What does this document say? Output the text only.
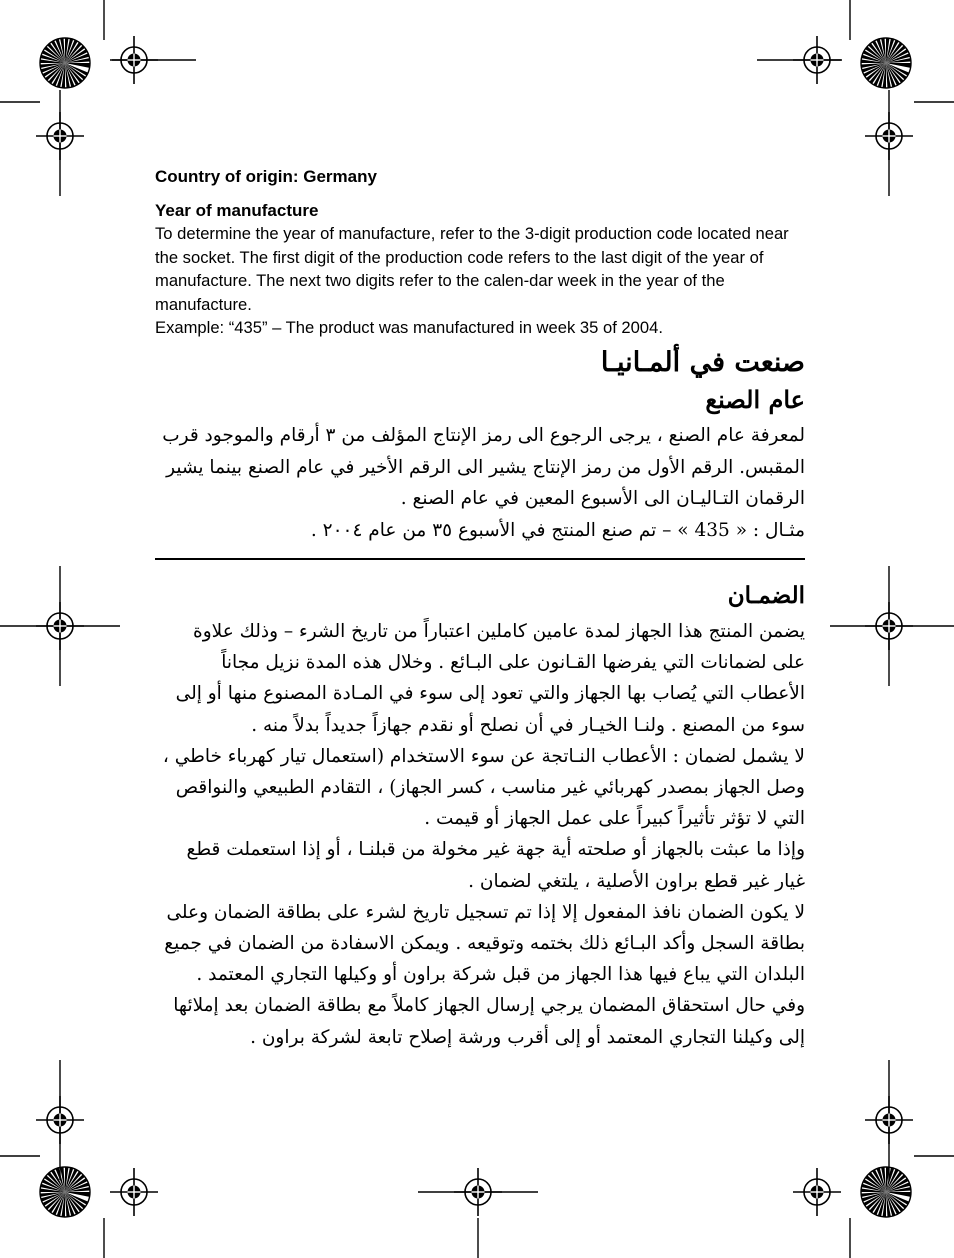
Country of origin: Germany

Year of manufacture

To determine the year of manufacture, refer to the 3-digit production code located near the socket. The first digit of the production code refers to the last digit of the year of manufacture. The next two digits refer to the calen-dar week in the year of the manufacture.

Example: “435” – The product was manufactured in week 35 of 2004.

صنعت في ألمـانيـا

عام الصنع

لمعرفة عام الصنع ، يرجى الرجوع الى رمز الإنتاج المؤلف من ٣ أرقام والموجود قرب المقبس. الرقم الأول من رمز الإنتاج يشير الى الرقم الأخير في عام الصنع بينما يشير الرقمان التـاليـان الى الأسبوع المعين في عام الصنع .

مثـال : « 435 » – تم صنع المنتج في الأسبوع ٣٥ من عام ٢٠٠٤ .

الضمـان

يضمن المنتج هذا الجهاز لمدة عامين كاملين اعتباراً من تاريخ الشرء – وذلك علاوة على لضمانات التي يفرضها القـانون على البـائع . وخلال هذه المدة نزيل مجاناً الأعطاب التي يُصاب بها الجهاز والتي تعود إلى سوء في المـادة المصنوع منها أو إلى سوء من المصنع . ولنـا الخيـار في أن نصلح أو نقدم جهازاً جديداً بدلاً منه .

لا يشمل لضمان : الأعطاب النـاتجة عن سوء الاستخدام (استعمال تيار كهرباء خاطي ، وصل الجهاز بمصدر كهربائي غير مناسب ، كسر الجهاز) ، التقادم الطبيعي والنواقص التي لا تؤثر تأثيراً كبيراً على عمل الجهاز أو قيمت .

وإذا ما عبثت بالجهاز أو صلحته أية جهة غير مخولة من قبلنـا ، أو إذا استعملت قطع غيار غير قطع براون الأصلية ، يلتغي لضمان .

لا يكون الضمان نافذ المفعول إلا إذا تم تسجيل تاريخ لشرء على بطاقة الضمان وعلى بطاقة السجل وأكد البـائع ذلك بختمه وتوقيعه . ويمكن الاسفادة من الضمان في جميع البلدان التي يباع فيها هذا الجهاز من قبل شركة براون أو وكيلها التجاري المعتمد .

وفي حال استحقاق المضمان يرجي إرسال الجهاز كاملاً مع بطاقة الضمان بعد إملائها إلى وكيلنا التجاري المعتمد أو إلى أقرب ورشة إصلاح تابعة لشركة براون .
